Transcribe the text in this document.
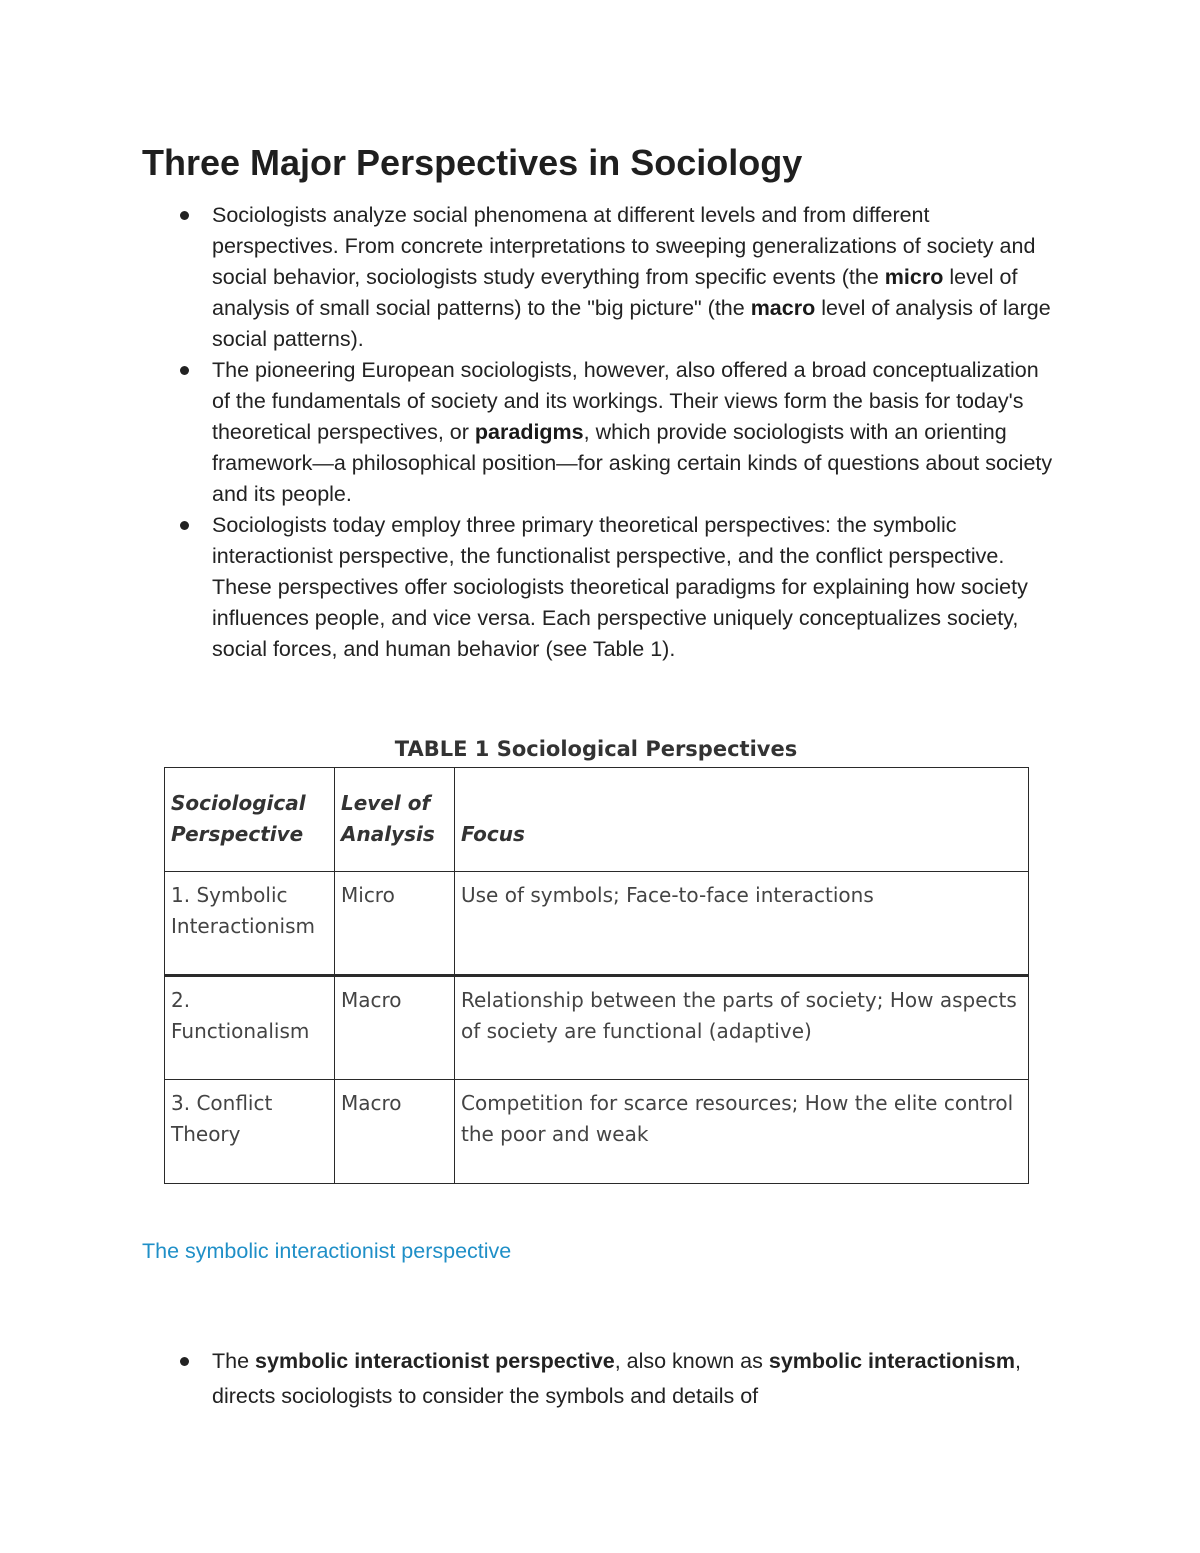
Three Major Perspectives in Sociology
Sociologists analyze social phenomena at different levels and from different perspectives. From concrete interpretations to sweeping generalizations of society and social behavior, sociologists study everything from specific events (the micro level of analysis of small social patterns) to the "big picture" (the macro level of analysis of large social patterns).
The pioneering European sociologists, however, also offered a broad conceptualization of the fundamentals of society and its workings. Their views form the basis for today's theoretical perspectives, or paradigms, which provide sociologists with an orienting framework—a philosophical position—for asking certain kinds of questions about society and its people.
Sociologists today employ three primary theoretical perspectives: the symbolic interactionist perspective, the functionalist perspective, and the conflict perspective. These perspectives offer sociologists theoretical paradigms for explaining how society influences people, and vice versa. Each perspective uniquely conceptualizes society, social forces, and human behavior (see Table 1).
TABLE 1 Sociological Perspectives
Sociological Perspective	Level of Analysis	Focus
1. Symbolic Interactionism	Micro	Use of symbols; Face-to-face interactions
2. Functionalism	Macro	Relationship between the parts of society; How aspects of society are functional (adaptive)
3. Conflict Theory	Macro	Competition for scarce resources; How the elite control the poor and weak
The symbolic interactionist perspective
The symbolic interactionist perspective, also known as symbolic interactionism, directs sociologists to consider the symbols and details of
